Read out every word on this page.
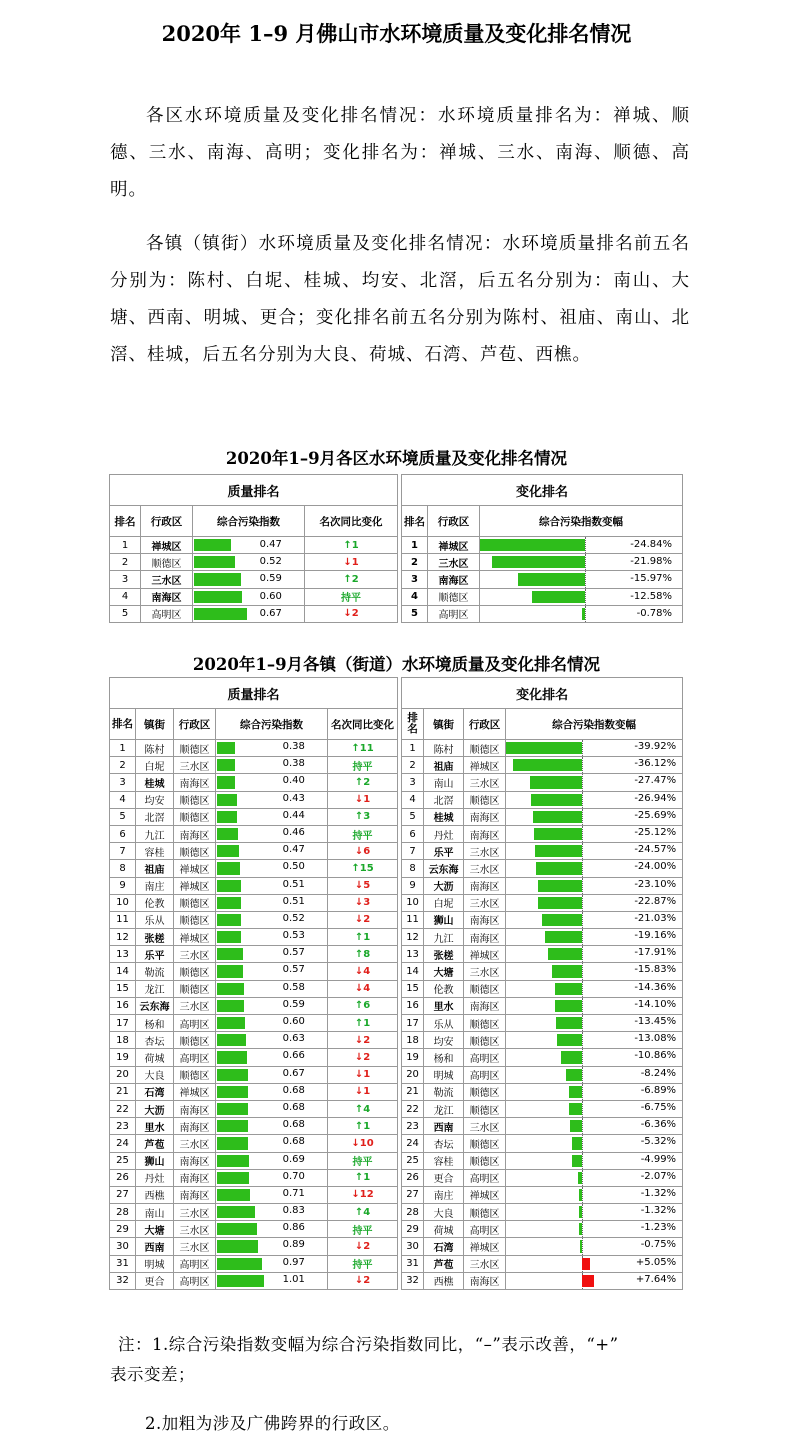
2020年 1–9 月佛山市水环境质量及变化排名情况

各区水环境质量及变化排名情况：水环境质量排名为：禅城、顺德、三水、南海、高明；变化排名为：禅城、三水、南海、顺德、高明。

各镇（镇街）水环境质量及变化排名情况：水环境质量排名前五名分别为：陈村、白坭、桂城、均安、北滘，后五名分别为：南山、大塘、西南、明城、更合；变化排名前五名分别为陈村、祖庙、南山、北滘、桂城，后五名分别为大良、荷城、石湾、芦苞、西樵。

2020年1–9月各区水环境质量及变化排名情况
质量排名					变化排名		
排名	行政区	综合污染指数	名次同比变化		排名	行政区	综合污染指数变幅
1	禅城区	0.47	↑1		1	禅城区	-24.84%

2	顺德区	0.52	↓1		2	三水区	-21.98%

3	三水区	0.59	↑2		3	南海区	-15.97%

4	南海区	0.60	持平		4	顺德区	-12.58%

5	高明区	0.67	↓2		5	高明区	-0.78%
2020年1–9月各镇（街道）水环境质量及变化排名情况
质量排名						变化排名			
排名	镇街	行政区	综合污染指数	名次同比变化		排名	镇街	行政区	综合污染指数变幅
1	陈村	顺德区	0.38	↑11		1	陈村	顺德区	-39.92%

2	白坭	三水区	0.38	持平		2	祖庙	禅城区	-36.12%

3	桂城	南海区	0.40	↑2		3	南山	三水区	-27.47%

4	均安	顺德区	0.43	↓1		4	北滘	顺德区	-26.94%

5	北滘	顺德区	0.44	↑3		5	桂城	南海区	-25.69%

6	九江	南海区	0.46	持平		6	丹灶	南海区	-25.12%

7	容桂	顺德区	0.47	↓6		7	乐平	三水区	-24.57%

8	祖庙	禅城区	0.50	↑15		8	云东海	三水区	-24.00%

9	南庄	禅城区	0.51	↓5		9	大沥	南海区	-23.10%

10	伦教	顺德区	0.51	↓3		10	白坭	三水区	-22.87%

11	乐从	顺德区	0.52	↓2		11	狮山	南海区	-21.03%

12	张槎	禅城区	0.53	↑1		12	九江	南海区	-19.16%

13	乐平	三水区	0.57	↑8		13	张槎	禅城区	-17.91%

14	勒流	顺德区	0.57	↓4		14	大塘	三水区	-15.83%

15	龙江	顺德区	0.58	↓4		15	伦教	顺德区	-14.36%

16	云东海	三水区	0.59	↑6		16	里水	南海区	-14.10%

17	杨和	高明区	0.60	↑1		17	乐从	顺德区	-13.45%

18	杏坛	顺德区	0.63	↓2		18	均安	顺德区	-13.08%

19	荷城	高明区	0.66	↓2		19	杨和	高明区	-10.86%

20	大良	顺德区	0.67	↓1		20	明城	高明区	-8.24%

21	石湾	禅城区	0.68	↓1		21	勒流	顺德区	-6.89%

22	大沥	南海区	0.68	↑4		22	龙江	顺德区	-6.75%

23	里水	南海区	0.68	↑1		23	西南	三水区	-6.36%

24	芦苞	三水区	0.68	↓10		24	杏坛	顺德区	-5.32%

25	狮山	南海区	0.69	持平		25	容桂	顺德区	-4.99%

26	丹灶	南海区	0.70	↑1		26	更合	高明区	-2.07%

27	西樵	南海区	0.71	↓12		27	南庄	禅城区	-1.32%

28	南山	三水区	0.83	↑4		28	大良	顺德区	-1.32%

29	大塘	三水区	0.86	持平		29	荷城	高明区	-1.23%

30	西南	三水区	0.89	↓2		30	石湾	禅城区	-0.75%

31	明城	高明区	0.97	持平		31	芦苞	三水区	+5.05%

32	更合	高明区	1.01	↓2		32	西樵	南海区	+7.64%
注：1.综合污染指数变幅为综合污染指数同比，“–”表示改善，“+”
表示变差；
2.加粗为涉及广佛跨界的行政区。
